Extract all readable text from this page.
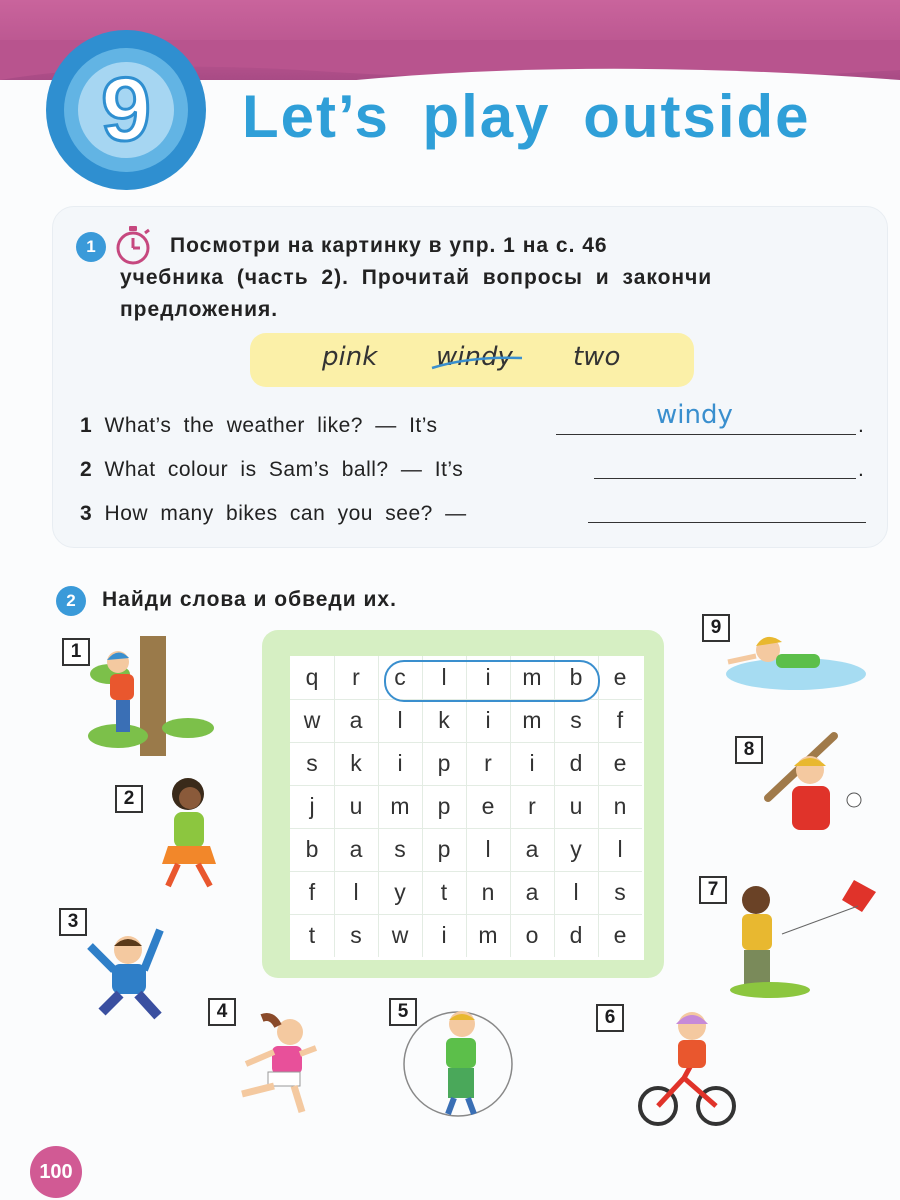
9 Let’s play outside
1	Посмотри на картинку в упр. 1 на с. 46
учебника (часть 2). Прочитай вопросы и закончи
предложения.
pink windy two
1 What’s the weather like? — It’s	windy	.
2 What colour is Sam’s ball? — It’s	.
3 How many bikes can you see? —
2	Найди слова и обведи их.
q	r	c	l	i	m	b	e
w	a	l	k	i	m	s	f
s	k	i	p	r	i	d	e
j	u	m	p	e	r	u	n
b	a	s	p	l	a	y	l
f	l	y	t	n	a	l	s
t	s	w	i	m	o	d	e
1
2
3
4	5	6
7
8
9
100
